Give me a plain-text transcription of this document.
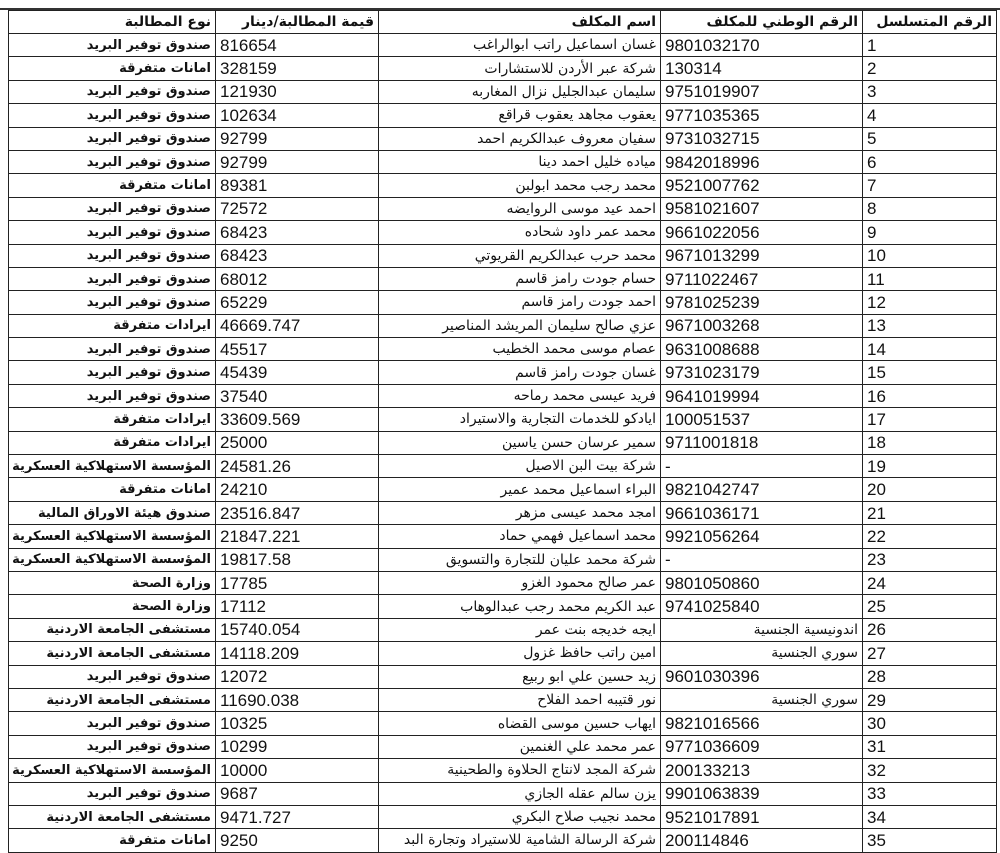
الرقم المتسلسل	الرقم الوطني للمكلف	اسم المكلف	قيمة المطالبة/دينار	نوع المطالبة
1	9801032170	غسان اسماعيل راتب ابوالراغب	816654	صندوق توفير البريد
2	130314	شركة عبر الأردن للاستشارات	328159	امانات متفرقة
3	9751019907	سليمان عبدالجليل نزال المغاربه	121930	صندوق توفير البريد
4	9771035365	يعقوب مجاهد يعقوب قراقع	102634	صندوق توفير البريد
5	9731032715	سفيان معروف عبدالكريم احمد	92799	صندوق توفير البريد
6	9842018996	مياده خليل احمد دينا	92799	صندوق توفير البريد
7	9521007762	محمد رجب محمد ابولبن	89381	امانات متفرقة
8	9581021607	احمد عيد موسى الروايضه	72572	صندوق توفير البريد
9	9661022056	محمد عمر داود شحاده	68423	صندوق توفير البريد
10	9671013299	محمد حرب عبدالكريم القريوتي	68423	صندوق توفير البريد
11	9711022467	حسام جودت رامز قاسم	68012	صندوق توفير البريد
12	9781025239	احمد جودت رامز قاسم	65229	صندوق توفير البريد
13	9671003268	عزي صالح سليمان المريشد المناصير	46669.747	ايرادات متفرقة
14	9631008688	عصام موسى محمد الخطيب	45517	صندوق توفير البريد
15	9731023179	غسان جودت رامز قاسم	45439	صندوق توفير البريد
16	9641019994	فريد عيسى محمد رماحه	37540	صندوق توفير البريد
17	100051537	ايادكو للخدمات التجارية والاستيراد	33609.569	ايرادات متفرقة
18	9711001818	سمير عرسان حسن ياسين	25000	ايرادات متفرقة
19	-	شركة بيت البن الاصيل	24581.26	المؤسسة الاستهلاكية العسكرية
20	9821042747	البراء اسماعيل محمد عمير	24210	امانات متفرقة
21	9661036171	امجد محمد عيسى مزهر	23516.847	صندوق هيئة الاوراق المالية
22	9921056264	محمد اسماعيل فهمي حماد	21847.221	المؤسسة الاستهلاكية العسكرية
23	-	شركة محمد عليان للتجارة والتسويق	19817.58	المؤسسة الاستهلاكية العسكرية
24	9801050860	عمر صالح محمود الغزو	17785	وزارة الصحة
25	9741025840	عبد الكريم محمد رجب عبدالوهاب	17112	وزارة الصحة
26	اندونيسية الجنسية	ايجه خديجه بنت عمر	15740.054	مستشفى الجامعة الاردنية
27	سوري الجنسية	امين راتب حافظ غزول	14118.209	مستشفى الجامعة الاردنية
28	9601030396	زيد حسين علي ابو ربيع	12072	صندوق توفير البريد
29	سوري الجنسية	نور قتيبه احمد الفلاح	11690.038	مستشفى الجامعة الاردنية
30	9821016566	ايهاب حسين موسى القضاه	10325	صندوق توفير البريد
31	9771036609	عمر محمد علي الغنمين	10299	صندوق توفير البريد
32	200133213	شركة المجد لانتاج الحلاوة والطحينية	10000	المؤسسة الاستهلاكية العسكرية
33	9901063839	يزن سالم عقله الجازي	9687	صندوق توفير البريد
34	9521017891	محمد نجيب صلاح البكري	9471.727	مستشفى الجامعة الاردنية
35	200114846	شركة الرسالة الشامية للاستيراد وتجارة البد	9250	امانات متفرقة
